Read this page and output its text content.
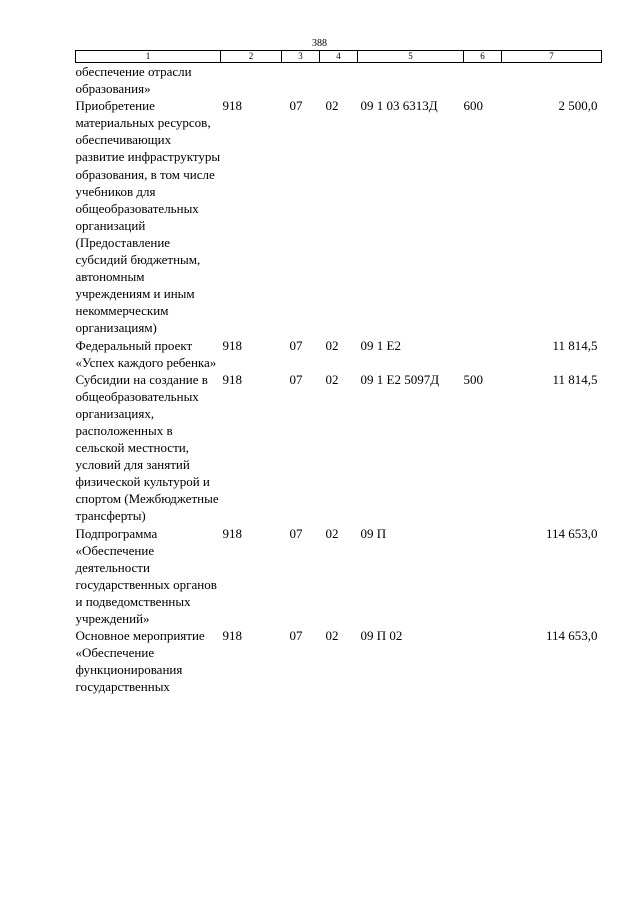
388
1	2	3	4	5	6	7
обеспечение отрасли образования»						
Приобретение материальных ресурсов, обеспечивающих развитие инфраструктуры образования, в том числе учебников для общеобразовательных организаций (Предоставление субсидий бюджетным, автономным учреждениям и иным некоммерческим организациям)	918	07	02	09 1 03 6313Д	600	2 500,0
Федеральный проект «Успех каждого ребенка»	918	07	02	09 1 E2		11 814,5
Субсидии на создание в общеобразовательных организациях, расположенных в сельской местности, условий для занятий физической культурой и спортом (Межбюджетные трансферты)	918	07	02	09 1 E2 5097Д	500	11 814,5
Подпрограмма «Обеспечение деятельности государственных органов и подведомственных учреждений»	918	07	02	09 П		114 653,0
Основное мероприятие «Обеспечение функционирования государственных	918	07	02	09 П 02		114 653,0
